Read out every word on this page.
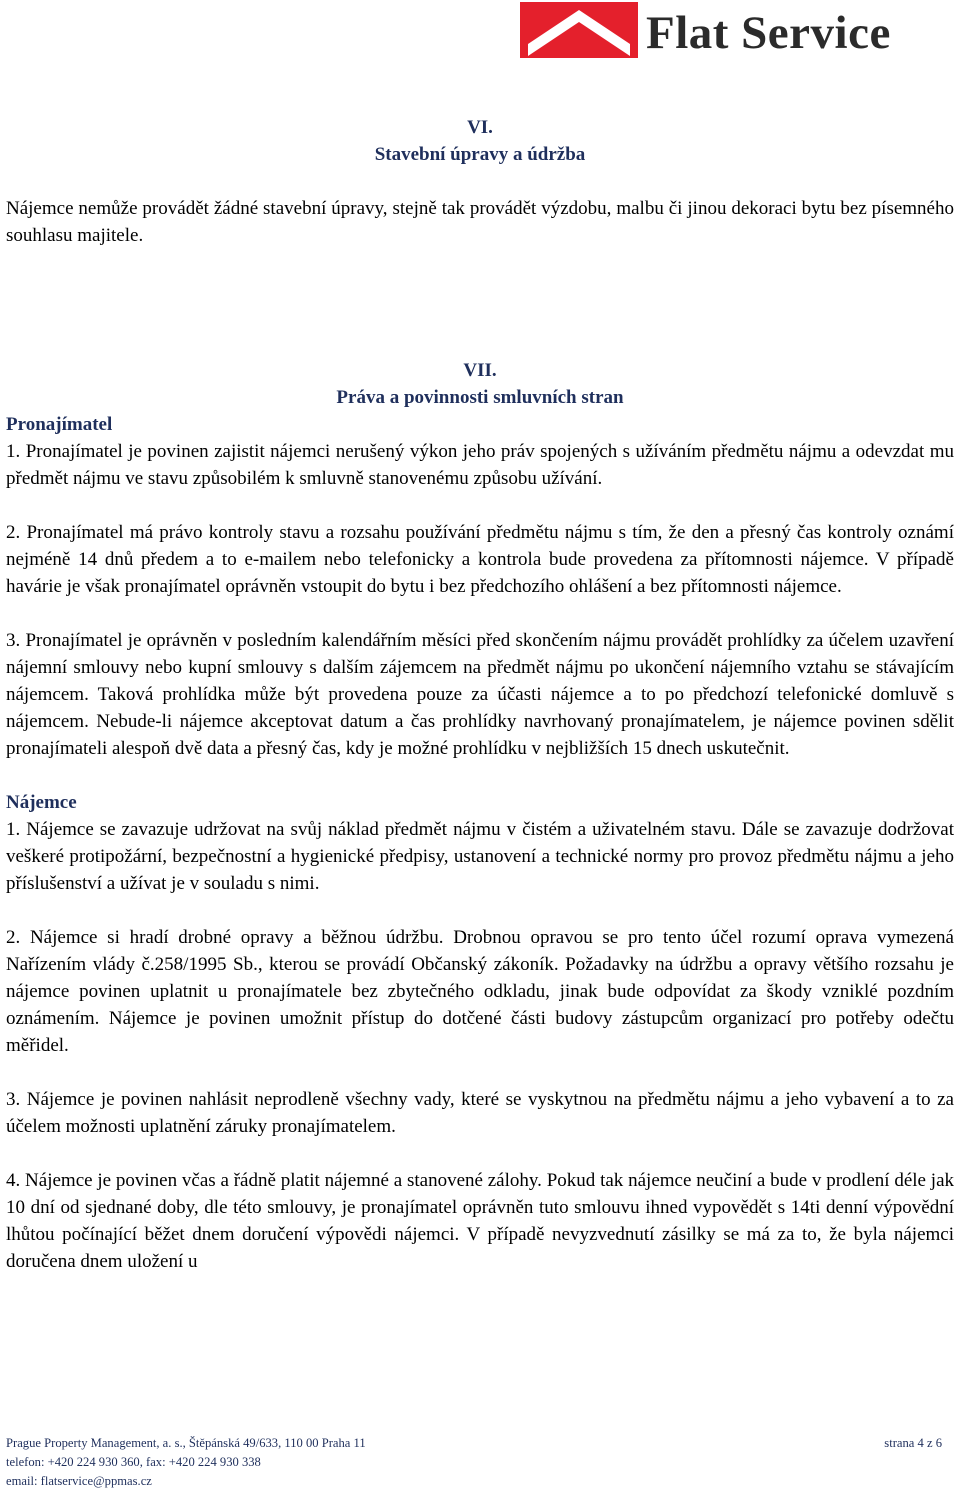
Flat Service
VI.
Stavební úpravy a údržba

Nájemce nemůže provádět žádné stavební úpravy, stejně tak provádět výzdobu, malbu či jinou dekoraci bytu bez písemného souhlasu majitele.

VII.
Práva a povinnosti smluvních stran
Pronajímatel

1. Pronajímatel je povinen zajistit nájemci nerušený výkon jeho práv spojených s užíváním předmětu nájmu a odevzdat mu předmět nájmu ve stavu způsobilém k smluvně stanovenému způsobu užívání.

2. Pronajímatel má právo kontroly stavu a rozsahu používání předmětu nájmu s tím, že den a přesný čas kontroly oznámí nejméně 14 dnů předem a to e-mailem nebo telefonicky a kontrola bude provedena za přítomnosti nájemce. V případě havárie je však pronajímatel oprávněn vstoupit do bytu i bez předchozího ohlášení a bez přítomnosti nájemce.

3. Pronajímatel je oprávněn v posledním kalendářním měsíci před skončením nájmu provádět prohlídky za účelem uzavření nájemní smlouvy nebo kupní smlouvy s dalším zájemcem na předmět nájmu po ukončení nájemního vztahu se stávajícím nájemcem. Taková prohlídka může být provedena pouze za účasti nájemce a to po předchozí telefonické domluvě s nájemcem. Nebude-li nájemce akceptovat datum a čas prohlídky navrhovaný pronajímatelem, je nájemce povinen sdělit pronajímateli alespoň dvě data a přesný čas, kdy je možné prohlídku v nejbližších 15 dnech uskutečnit.

Nájemce

1. Nájemce se zavazuje udržovat na svůj náklad předmět nájmu v čistém a uživatelném stavu. Dále se zavazuje dodržovat veškeré protipožární, bezpečnostní a hygienické předpisy, ustanovení a technické normy pro provoz předmětu nájmu a jeho příslušenství a užívat je v souladu s nimi.

2. Nájemce si hradí drobné opravy a běžnou údržbu. Drobnou opravou se pro tento účel rozumí oprava vymezená Nařízením vlády č.258/1995 Sb., kterou se provádí Občanský zákoník. Požadavky na údržbu a opravy většího rozsahu je nájemce povinen uplatnit u pronajímatele bez zbytečného odkladu, jinak bude odpovídat za škody vzniklé pozdním oznámením. Nájemce je povinen umožnit přístup do dotčené části budovy zástupcům organizací pro potřeby odečtu měřidel.

3. Nájemce je povinen nahlásit neprodleně všechny vady, které se vyskytnou na předmětu nájmu a jeho vybavení a to za účelem možnosti uplatnění záruky pronajímatelem.

4. Nájemce je povinen včas a řádně platit nájemné a stanovené zálohy. Pokud tak nájemce neučiní a bude v prodlení déle jak 10 dní od sjednané doby, dle této smlouvy, je pronajímatel oprávněn tuto smlouvu ihned vypovědět s 14ti denní výpovědní lhůtou počínající běžet dnem doručení výpovědi nájemci. V případě nevyzvednutí zásilky se má za to, že byla nájemci doručena dnem uložení u

Prague Property Management, a. s., Štěpánská 49/633, 110 00 Praha 11	strana 4 z 6
telefon: +420 224 930 360, fax: +420 224 930 338
email: flatservice@ppmas.cz
